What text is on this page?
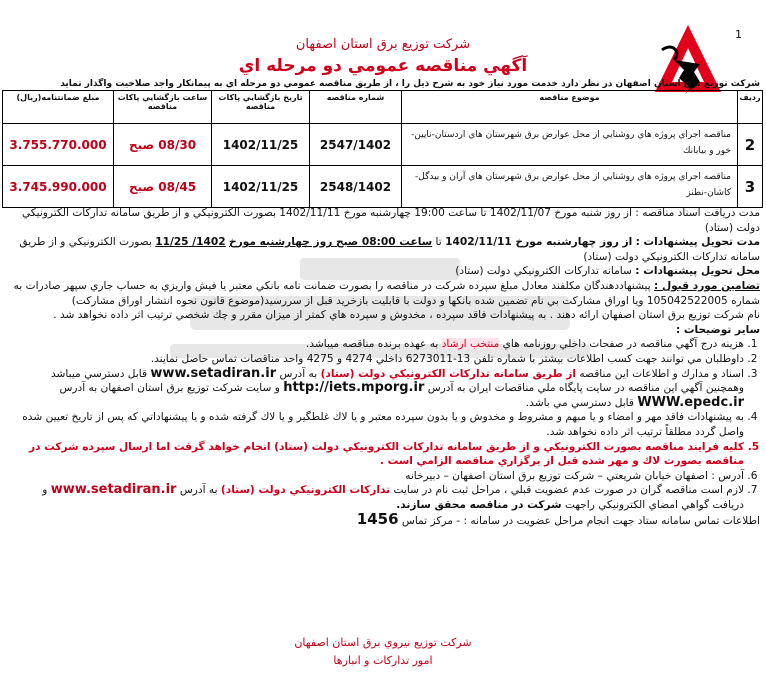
1
شركت توزيع برق استان اصفهان
آگهي مناقصه عمومي دو مرحله اي
شركت توزيع برق استان اصفهان در نظر دارد خدمت مورد نياز خود به شرح ذيل را ، از طريق مناقصه عمومي دو مرحله اي به پيمانكار واجد صلاحيت واگذار نمايد
رديف	موضوع مناقصه	شماره مناقصه	تاريخ بازگشايي پاكات مناقصه	ساعت بازگشايي پاكات مناقصه	مبلغ ضمانتنامه(ريال)
2	مناقصه اجراي پروژه هاي روشنايي از محل عوارض برق شهرستان هاي اردستان-نايين-خور و بيابانك	2547/1402	1402/11/25	08/30 صبح	3.755.770.000
3	مناقصه اجراي پروژه هاي روشنايي از محل عوارض برق شهرستان هاي آران و بيدگل-كاشان-نطنز	2548/1402	1402/11/25	08/45 صبح	3.745.990.000

مدت دريافت اسناد مناقصه : از روز شنبه مورخ 1402/11/07 تا ساعت 19:00 چهارشنبه مورخ 1402/11/11 بصورت الكترونيكي و از طريق سامانه تداركات الكترونيكي دولت (ستاد)

مدت تحويل پيشنهادات : از روز چهارشنبه مورخ 1402/11/11 تا ساعت 08:00 صبح روز چهارشنبه مورخ 1402/ 11/25 بصورت الكترونيكي و از طريق سامانه تداركات الكترونيكي دولت (ستاد)

محل تحويل پيشنهادات : سامانه تداركات الكترونيكي دولت (ستاد)

تضامين مورد قبول : پيشنهاددهندگان مكلفند معادل مبلغ سپرده شركت در مناقصه را بصورت ضمانت نامه بانكي معتبر يا فيش واريزي به حساب جاري سپهر صادرات به شماره 105042522005 ويا اوراق مشاركت بي نام تضمين شده بانكها و دولت با قابليت بازخريد قبل از سررسيد(موضوع قانون نحوه انتشار اوراق مشاركت)

نام شركت توزيع برق استان اصفهان ارائه دهند . به پيشنهادات فاقد سپرده ، مخدوش و سپرده هاي كمتر از ميزان مقرر و چك شخصي ترتيب اثر داده نخواهد شد .

ساير توضيحات :

1. هزينه درج آگهي مناقصه در صفحات داخلي روزنامه هاي منتخب ارشاد به عهده برنده مناقصه ميباشد.
2. داوطلبان مي توانند جهت كسب اطلاعات بيشتر با شماره تلفن 13-6273011 داخلي 4274 و 4275 واحد مناقصات تماس حاصل نمايند.
3. اسناد و مدارك و اطلاعات اين مناقصه از طريق سامانه تداركات الكترونيكي دولت (ستاد) به آدرس www.setadiran.ir قابل دسترسي ميباشد وهمچنين آگهي اين مناقصه در سايت پايگاه ملي مناقصات ايران به آدرس http://iets.mporg.ir و سايت شركت توزيع برق استان اصفهان به آدرس WWW.epedc.ir قابل دسترسي مي باشد.
4. به پيشنهادات فاقد مهر و امضاء و يا مبهم و مشروط و مخدوش و يا بدون سپرده معتبر و يا لاك غلطگير و يا لاك گرفته شده و يا پيشنهاداتي كه پس از تاريخ تعيين شده واصل گردد مطلقاً ترتيب اثر داده نخواهد شد.
5. كليه فرايند مناقصه بصورت الكترونيكي و از طريق سامانه تداركات الكترونيكي دولت (ستاد) انجام خواهد گرفت اما ارسال سپرده شركت در مناقصه بصورت لاك و مهر شده قبل از برگزاري مناقصه الزامي است .
6. آدرس : اصفهان خيابان شريعتي – شركت توزيع برق استان اصفهان – دبيرخانه
7. لازم است مناقصه گران در صورت عدم عضويت قبلي ، مراحل ثبت نام در سايت تداركات الكترونيكي دولت (ستاد) به آدرس www.setadiran.ir و دريافت گواهي امضاي الكترونيكي راجهت شركت در مناقصه محقق سازند.

اطلاعات تماس سامانه ستاد جهت انجام مراحل عضويت در سامانه : - مركز تماس 1456

شركت توزيع نيروي برق استان اصفهان
امور تداركات و انبارها
